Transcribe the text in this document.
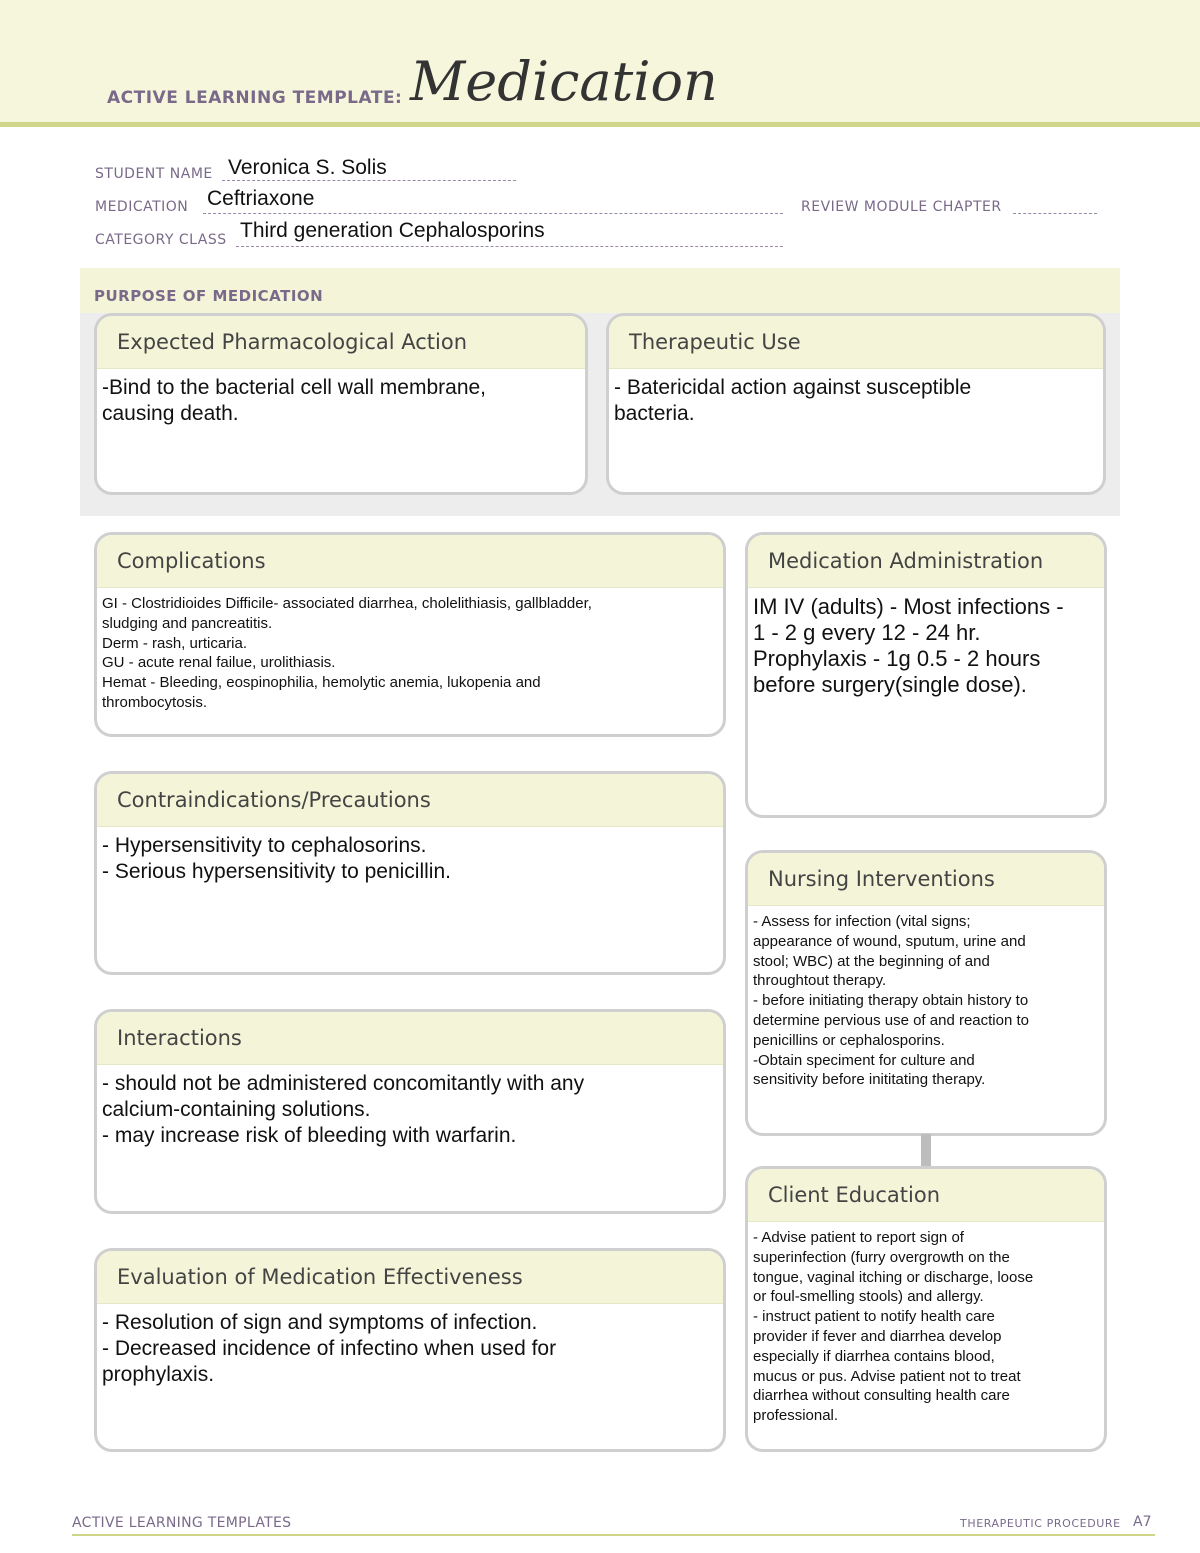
ACTIVE LEARNING TEMPLATE: Medication
STUDENT NAME Veronica S. Solis
MEDICATION Ceftriaxone	REVIEW MODULE CHAPTER
CATEGORY CLASS Third generation Cephalosporins
PURPOSE OF MEDICATION
Expected Pharmacological Action
-Bind to the bacterial cell wall membrane,
causing death.
Therapeutic Use
- Batericidal action against susceptible
bacteria.
Complications
GI - Clostridioides Difficile- associated diarrhea, cholelithiasis, gallbladder,
sludging and pancreatitis.
Derm - rash, urticaria.
GU - acute renal failue, urolithiasis.
Hemat - Bleeding, eospinophilia, hemolytic anemia, lukopenia and
thrombocytosis.
Contraindications/Precautions
- Hypersensitivity to cephalosorins.
- Serious hypersensitivity to penicillin.
Interactions
- should not be administered concomitantly with any
calcium-containing solutions.
- may increase risk of bleeding with warfarin.
Evaluation of Medication Effectiveness
- Resolution of sign and symptoms of infection.
- Decreased incidence of infectino when used for
prophylaxis.
Medication Administration
IM IV (adults) - Most infections -
1 - 2 g every 12 - 24 hr.
Prophylaxis - 1g 0.5 - 2 hours
before surgery(single dose).
Nursing Interventions
- Assess for infection (vital signs;
appearance of wound, sputum, urine and
stool; WBC) at the beginning of and
throughtout therapy.
- before initiating therapy obtain history to
determine pervious use of and reaction to
penicillins or cephalosporins.
-Obtain speciment for culture and
sensitivity before inititating therapy.
Client Education
- Advise patient to report sign of
superinfection (furry overgrowth on the
tongue, vaginal itching or discharge, loose
or foul-smelling stools) and allergy.
- instruct patient to notify health care
provider if fever and diarrhea develop
especially if diarrhea contains blood,
mucus or pus. Advise patient not to treat
diarrhea without consulting health care
professional.
ACTIVE LEARNING TEMPLATES	THERAPEUTIC PROCEDURE A7
